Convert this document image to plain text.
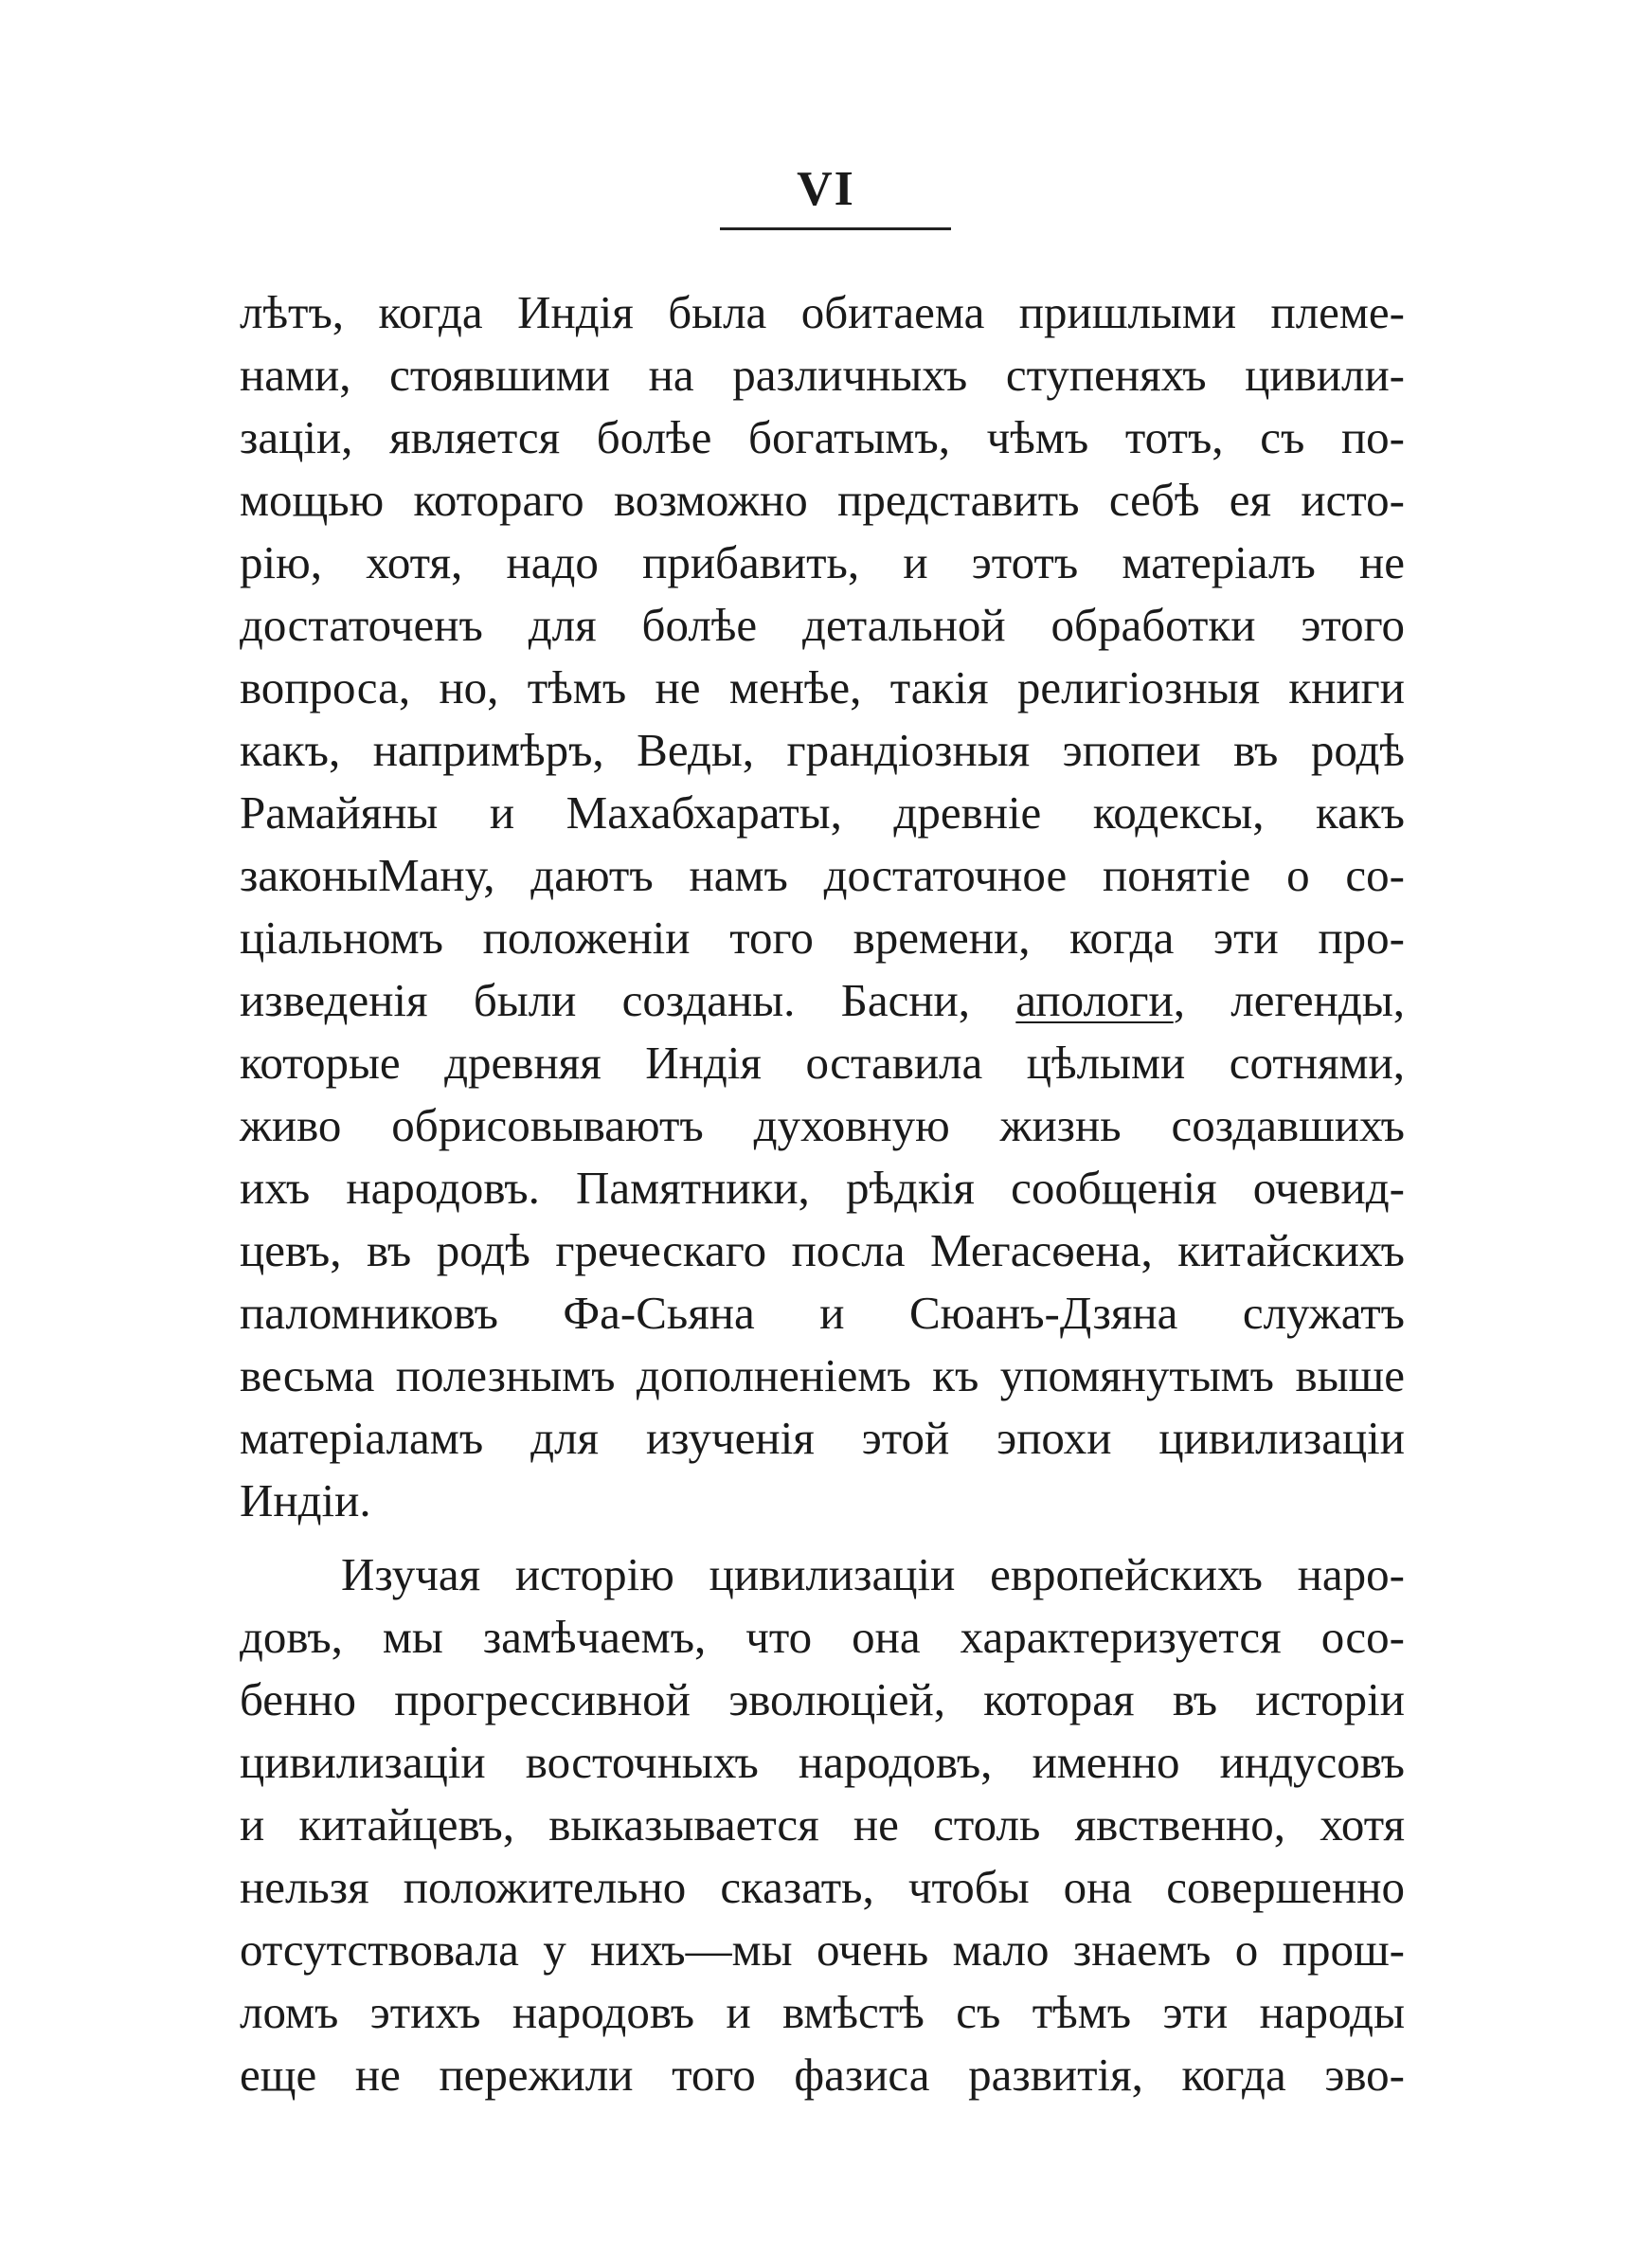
VI
лѣтъ, когда Индія была обитаема пришлыми племе-
нами, стоявшими на различныхъ ступеняхъ цивили-
заціи, является болѣе богатымъ, чѣмъ тотъ, съ по-
мощью котораго возможно представить себѣ ея исто-
рію, хотя, надо прибавить, и этотъ матеріалъ не
достаточенъ для болѣе детальной обработки этого
вопроса, но, тѣмъ не менѣе, такія религіозныя книги
какъ, напримѣръ, Веды, грандіозныя эпопеи въ родѣ
Рамайяны и Махабхараты, древніе кодексы, какъ
законыМану, даютъ намъ достаточное понятіе о со-
ціальномъ положеніи того времени, когда эти про-
изведенія были созданы. Басни, апологи, легенды,
которые древняя Индія оставила цѣлыми сотнями,
живо обрисовываютъ духовную жизнь создавшихъ
ихъ народовъ. Памятники, рѣдкія сообщенія очевид-
цевъ, въ родѣ греческаго посла Мегасѳена, китайскихъ
паломниковъ Фа-Сьяна и Сюанъ-Дзяна служатъ
весьма полезнымъ дополненіемъ къ упомянутымъ выше
матеріаламъ для изученія этой эпохи цивилизаціи
Индіи.
Изучая исторію цивилизаціи европейскихъ наро-
довъ, мы замѣчаемъ, что она характеризуется осо-
бенно прогрессивной эволюціей, которая въ исторіи
цивилизаціи восточныхъ народовъ, именно индусовъ
и китайцевъ, выказывается не столь явственно, хотя
нельзя положительно сказать, чтобы она совершенно
отсутствовала у нихъ—мы очень мало знаемъ о прош-
ломъ этихъ народовъ и вмѣстѣ съ тѣмъ эти народы
еще не пережили того фазиса развитія, когда эво-
